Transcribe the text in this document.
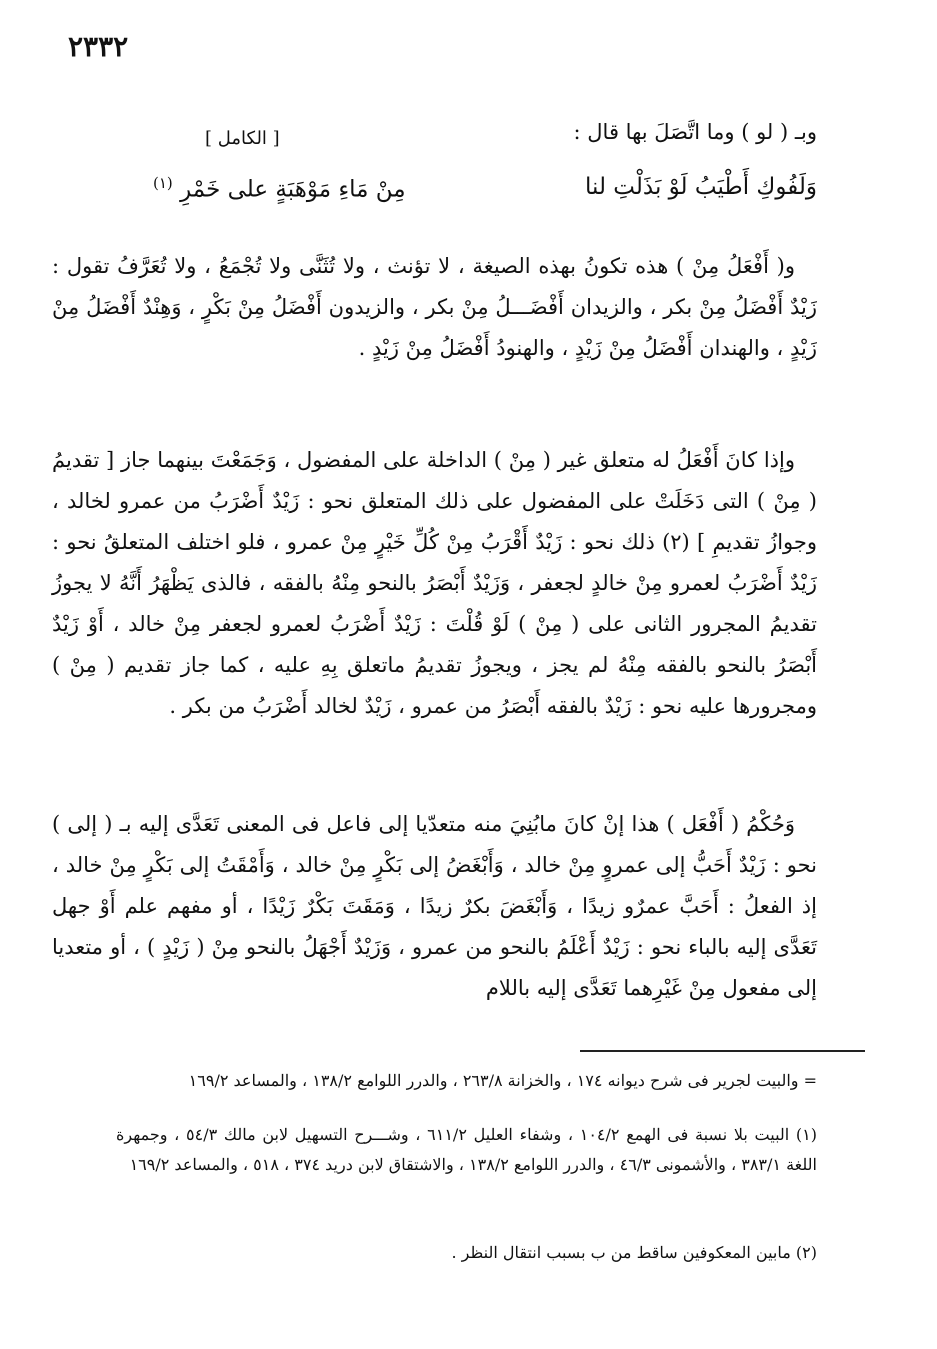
٢٣٣٢
وبـ ( لو ) وما اتَّصَلَ بها قال :
[ الكامل ]
وَلَفُوكِ أَطْيَبُ لَوْ بَذَلْتِ لنا
مِنْ مَاءِ مَوْهَبَةٍ على خَمْرِ $^{(١)}$
و( أَفْعَلُ مِنْ ) هذه تكونُ بهذه الصيغة ، لا تؤنث ، ولا تُثَنَّى ولا تُجْمَعُ ، ولا تُعَرَّفُ تقول : زَيْدٌ أَفْضَلُ مِنْ بكر ، والزيدان أَفْضَـــلُ مِنْ بكر ، والزيدون أَفْضَلُ مِنْ بَكْرٍ ، وَهِنْدٌ أَفْضَلُ مِنْ زَيْدٍ ، والهندان أَفْضَلُ مِنْ زَيْدٍ ، والهنودُ أَفْضَلُ مِنْ زَيْدٍ .
وإذا كانَ أَفْعَلُ له متعلق غير ( مِنْ ) الداخلة على المفضول ، وَجَمَعْتَ بينهما جاز [ تقديمُ ( مِنْ ) التى دَخَلَتْ على المفضول على ذلك المتعلق نحو : زَيْدٌ أَضْرَبُ من عمرو لخالد ، وجوازُ تقديمِ ] (٢) ذلك نحو : زَيْدٌ أَقْرَبُ مِنْ كُلِّ خَيْرٍ مِنْ عمرو ، فلو اختلف المتعلقُ نحو : زَيْدٌ أَضْرَبُ لعمرو مِنْ خالدٍ لجعفر ، وَزَيْدٌ أَبْصَرُ بالنحو مِنْهُ بالفقه ، فالذى يَظْهَرُ أَنَّهُ لا يجوزُ تقديمُ المجرور الثانى على ( مِنْ ) لَوْ قُلْتَ : زَيْدٌ أَضْرَبُ لعمرو لجعفر مِنْ خالد ، أَوْ زَيْدٌ أَبْصَرُ بالنحو بالفقه مِنْهُ لم يجز ، ويجوزُ تقديمُ ماتعلق بِهِ عليه ، كما جاز تقديم ( مِنْ ) ومجرورها عليه نحو : زَيْدٌ بالفقه أَبْصَرُ من عمرو ، زَيْدٌ لخالد أَضْرَبُ من بكر .
وَحُكْمُ ( أَفْعَل ) هذا إنْ كانَ مابُنِيَ منه متعدّيا إلى فاعل فى المعنى تَعَدَّى إليه بـ ( إلى ) نحو : زَيْدٌ أَحَبُّ إلى عمروٍ مِنْ خالد ، وَأَبْغَضُ إلى بَكْرٍ مِنْ خالد ، وَأَمْقَتُ إلى بَكْرٍ مِنْ خالد ، إذ الفعلُ : أَحَبَّ عمرٌو زيدًا ، وَأَبْغَضَ بكرٌ زيدًا ، وَمَقَتَ بَكْرٌ زَيْدًا ، أو مفهم علم أَوْ جهل تَعَدَّى إليه بالباء نحو : زَيْدٌ أَعْلَمُ بالنحو من عمرو ، وَزَيْدٌ أَجْهَلُ بالنحو مِنْ ( زَيْدٍ ) ، أو متعديا إلى مفعول مِنْ غَيْرِهما تَعَدَّى إليه باللام
= والبيت لجرير فى شرح ديوانه ١٧٤ ، والخزانة ٢٦٣/٨ ، والدرر اللوامع ١٣٨/٢ ، والمساعد ١٦٩/٢
(١) البيت بلا نسبة فى الهمع ١٠٤/٢ ، وشفاء العليل ٦١١/٢ ، وشـــرح التسهيل لابن مالك ٥٤/٣ ، وجمهرة اللغة ٣٨٣/١ ، والأشمونى ٤٦/٣ ، والدرر اللوامع ١٣٨/٢ ، والاشتقاق لابن دريد ٣٧٤ ، ٥١٨ ، والمساعد ١٦٩/٢
(٢) مابين المعكوفين ساقط من ب بسبب انتقال النظر .
